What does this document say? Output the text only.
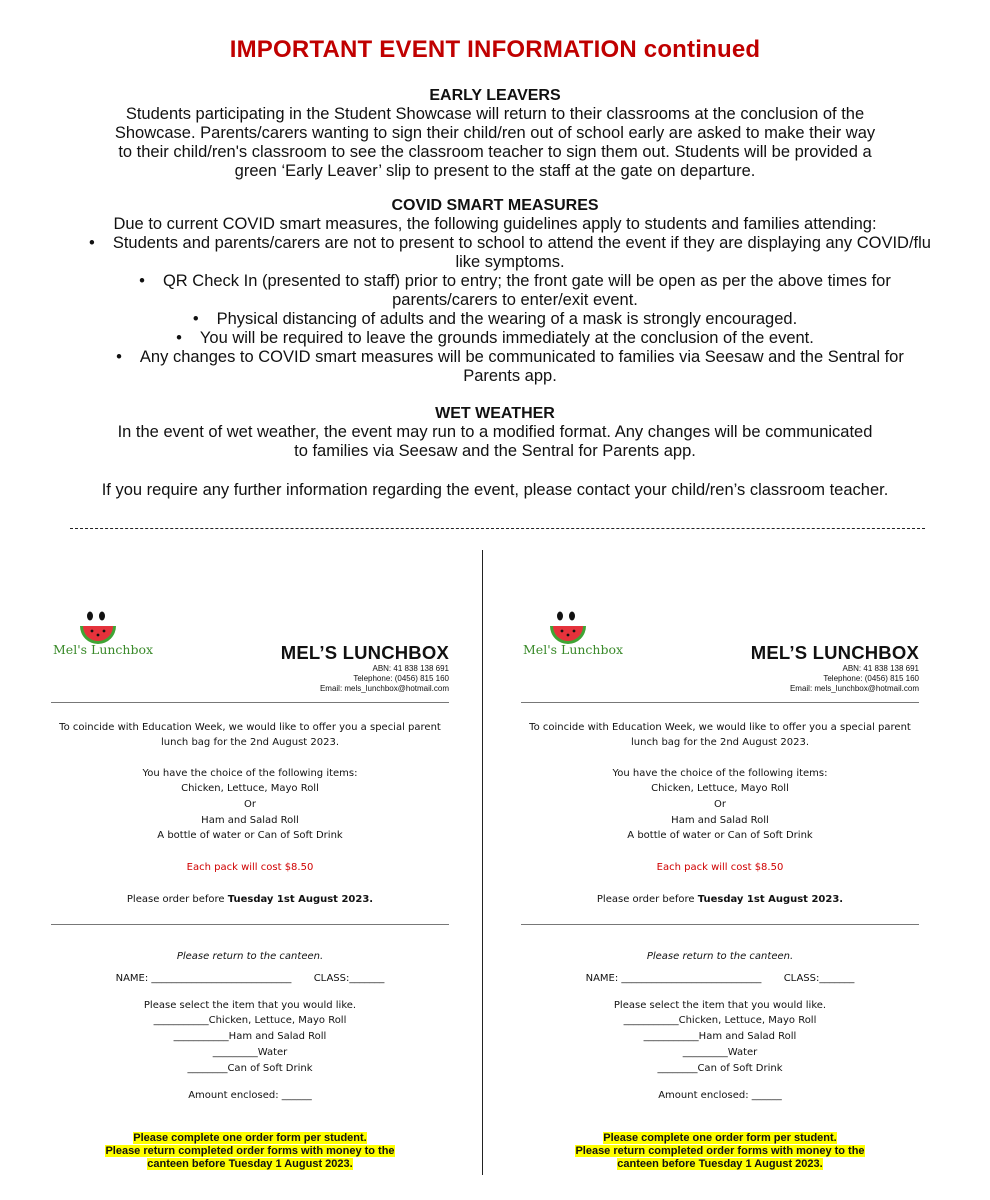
IMPORTANT EVENT INFORMATION continued
EARLY LEAVERS
Students participating in the Student Showcase will return to their classrooms at the conclusion of the
Showcase. Parents/carers wanting to sign their child/ren out of school early are asked to make their way
to their child/ren's classroom to see the classroom teacher to sign them out. Students will be provided a
green ‘Early Leaver’ slip to present to the staff at the gate on departure.
COVID SMART MEASURES
Due to current COVID smart measures, the following guidelines apply to students and families attending:
• Students and parents/carers are not to present to school to attend the event if they are displaying any COVID/flu like symptoms.
• QR Check In (presented to staff) prior to entry; the front gate will be open as per the above times for parents/carers to enter/exit event.
• Physical distancing of adults and the wearing of a mask is strongly encouraged.
• You will be required to leave the grounds immediately at the conclusion of the event.
• Any changes to COVID smart measures will be communicated to families via Seesaw and the Sentral for Parents app.
WET WEATHER
In the event of wet weather, the event may run to a modified format. Any changes will be communicated
to families via Seesaw and the Sentral for Parents app.
If you require any further information regarding the event, please contact your child/ren’s classroom teacher.
Mel's Lunchbox	MEL’S LUNCHBOX
ABN: 41 838 138 691
Telephone: (0456) 815 160
Email: mels_lunchbox@hotmail.com
To coincide with Education Week, we would like to offer you a special parent
lunch bag for the 2nd August 2023.
You have the choice of the following items:
Chicken, Lettuce, Mayo Roll
Or
Ham and Salad Roll
A bottle of water or Can of Soft Drink
Each pack will cost $8.50
Please order before Tuesday 1st August 2023.
Please return to the canteen.
NAME: ____________________________ CLASS:_______
Please select the item that you would like.
___________Chicken, Lettuce, Mayo Roll
___________Ham and Salad Roll
_________Water
________Can of Soft Drink
Amount enclosed: ______
Please complete one order form per student.
Please return completed order forms with money to the
canteen before Tuesday 1 August 2023.
Mel's Lunchbox	MEL’S LUNCHBOX
ABN: 41 838 138 691
Telephone: (0456) 815 160
Email: mels_lunchbox@hotmail.com
To coincide with Education Week, we would like to offer you a special parent
lunch bag for the 2nd August 2023.
You have the choice of the following items:
Chicken, Lettuce, Mayo Roll
Or
Ham and Salad Roll
A bottle of water or Can of Soft Drink
Each pack will cost $8.50
Please order before Tuesday 1st August 2023.
Please return to the canteen.
NAME: ____________________________ CLASS:_______
Please select the item that you would like.
___________Chicken, Lettuce, Mayo Roll
___________Ham and Salad Roll
_________Water
________Can of Soft Drink
Amount enclosed: ______
Please complete one order form per student.
Please return completed order forms with money to the
canteen before Tuesday 1 August 2023.
